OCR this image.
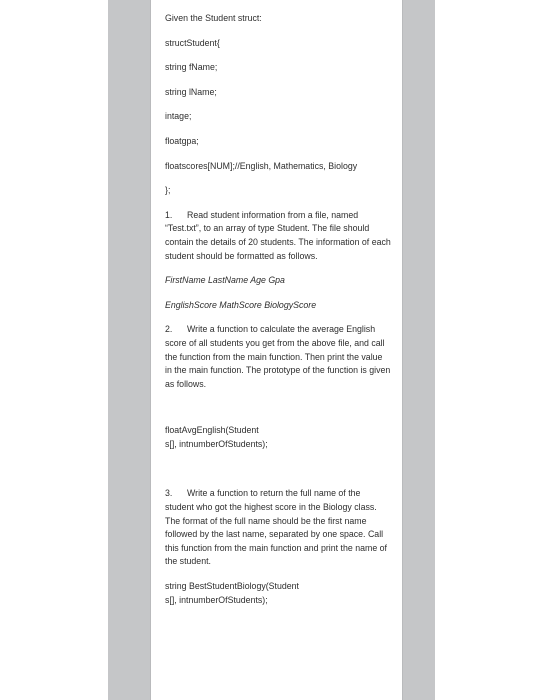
Given the Student struct:
structStudent{
string fName;
string lName;
intage;
floatgpa;
floatscores[NUM];//English, Mathematics, Biology
};
1. Read student information from a file, named “Test.txt”, to an array of type Student. The file should contain the details of 20 students. The information of each student should be formatted as follows.
FirstName LastName Age Gpa
EnglishScore MathScore BiologyScore
2. Write a function to calculate the average English score of all students you get from the above file, and call the function from the main function. Then print the value in the main function. The prototype of the function is given as follows.
floatAvgEnglish(Student
s[], intnumberOfStudents);
3. Write a function to return the full name of the student who got the highest score in the Biology class. The format of the full name should be the first name followed by the last name, separated by one space. Call this function from the main function and print the name of the student.
string BestStudentBiology(Student
s[], intnumberOfStudents);
